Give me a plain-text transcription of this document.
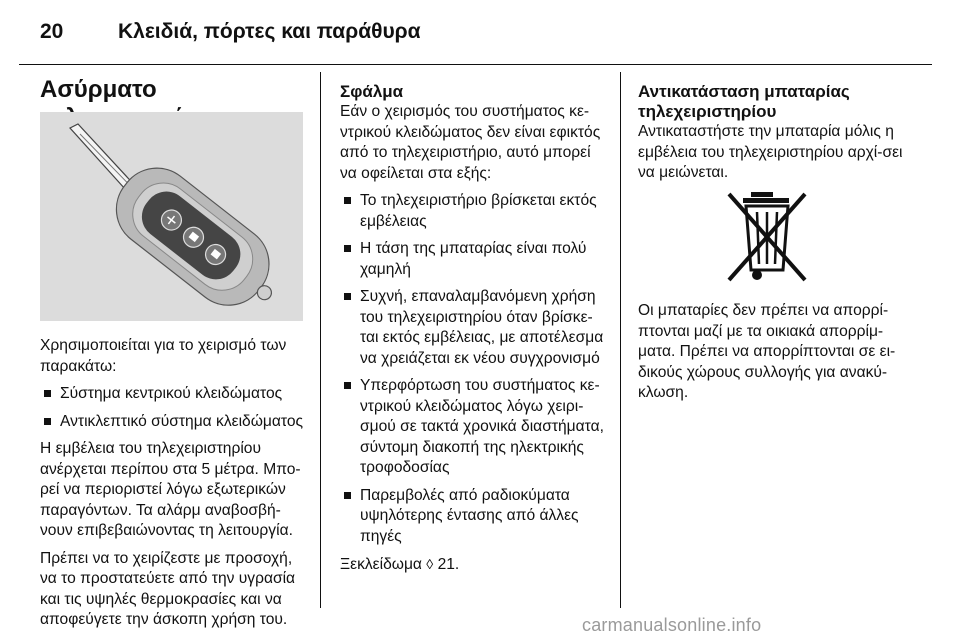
20	Κλειδιά, πόρτες και παράθυρα
Ασύρματο

Χρησιμοποιείται για το χειρισμό των παρακάτω:

Σύστημα κεντρικού κλειδώματος
Αντικλεπτικό σύστημα κλειδώματος

Η εμβέλεια του τηλεχειριστηρίου ανέρχεται περίπου στα 5 μέτρα. Μπο-ρεί να περιοριστεί λόγω εξωτερικών παραγόντων. Τα αλάρμ αναβοσβή-νουν επιβεβαιώνοντας τη λειτουργία.

Πρέπει να το χειρίζεστε με προσοχή, να το προστατεύετε από την υγρασία και τις υψηλές θερμοκρασίες και να αποφεύγετε την άσκοπη χρήση του.

Σφάλμα

Εάν ο χειρισμός του συστήματος κε-ντρικού κλειδώματος δεν είναι εφικτός από το τηλεχειριστήριο, αυτό μπορεί να οφείλεται στα εξής:

Το τηλεχειριστήριο βρίσκεται εκτός εμβέλειας
Η τάση της μπαταρίας είναι πολύ χαμηλή
Συχνή, επαναλαμβανόμενη χρήση του τηλεχειριστηρίου όταν βρίσκε-ται εκτός εμβέλειας, με αποτέλεσμα να χρειάζεται εκ νέου συγχρονισμό
Υπερφόρτωση του συστήματος κε-ντρικού κλειδώματος λόγω χειρι-σμού σε τακτά χρονικά διαστήματα, σύντομη διακοπή της ηλεκτρικής τροφοδοσίας
Παρεμβολές από ραδιοκύματα υψηλότερης έντασης από άλλες πηγές

Ξεκλείδωμα ◊ 21.

Αντικατάσταση μπαταρίας τηλεχειριστηρίου

Αντικαταστήστε την μπαταρία μόλις η εμβέλεια του τηλεχειριστηρίου αρχί-σει να μειώνεται.

Οι μπαταρίες δεν πρέπει να απορρί-πτονται μαζί με τα οικιακά απορρίμ-ματα. Πρέπει να απορρίπτονται σε ει-δικούς χώρους συλλογής για ανακύ-κλωση.

carmanualsonline.info
